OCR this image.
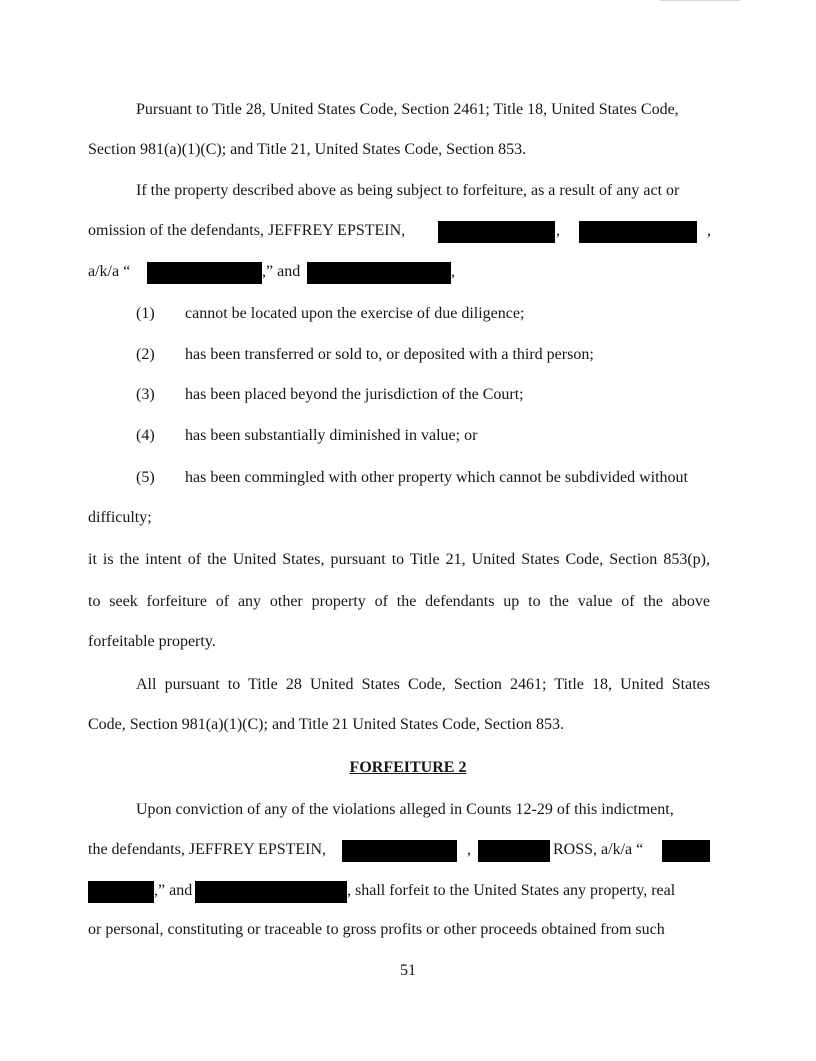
Pursuant to Title 28, United States Code, Section 2461; Title 18, United States Code,
Section 981(a)(1)(C); and Title 21, United States Code, Section 853.
If the property described above as being subject to forfeiture, as a result of any act or
omission of the defendants, JEFFREY EPSTEIN,	,	,
a/k/a “	,” and	,
(1) cannot be located upon the exercise of due diligence;
(2) has been transferred or sold to, or deposited with a third person;
(3) has been placed beyond the jurisdiction of the Court;
(4) has been substantially diminished in value; or
(5) has been commingled with other property which cannot be subdivided without
difficulty;
it is the intent of the United States, pursuant to Title 21, United States Code, Section 853(p),
to seek forfeiture of any other property of the defendants up to the value of the above
forfeitable property.
All pursuant to Title 28 United States Code, Section 2461; Title 18, United States
Code, Section 981(a)(1)(C); and Title 21 United States Code, Section 853.
FORFEITURE 2
Upon conviction of any of the violations alleged in Counts 12-29 of this indictment,
the defendants, JEFFREY EPSTEIN,	,	ROSS, a/k/a “
,” and	, shall forfeit to the United States any property, real
or personal, constituting or traceable to gross profits or other proceeds obtained from such
51
